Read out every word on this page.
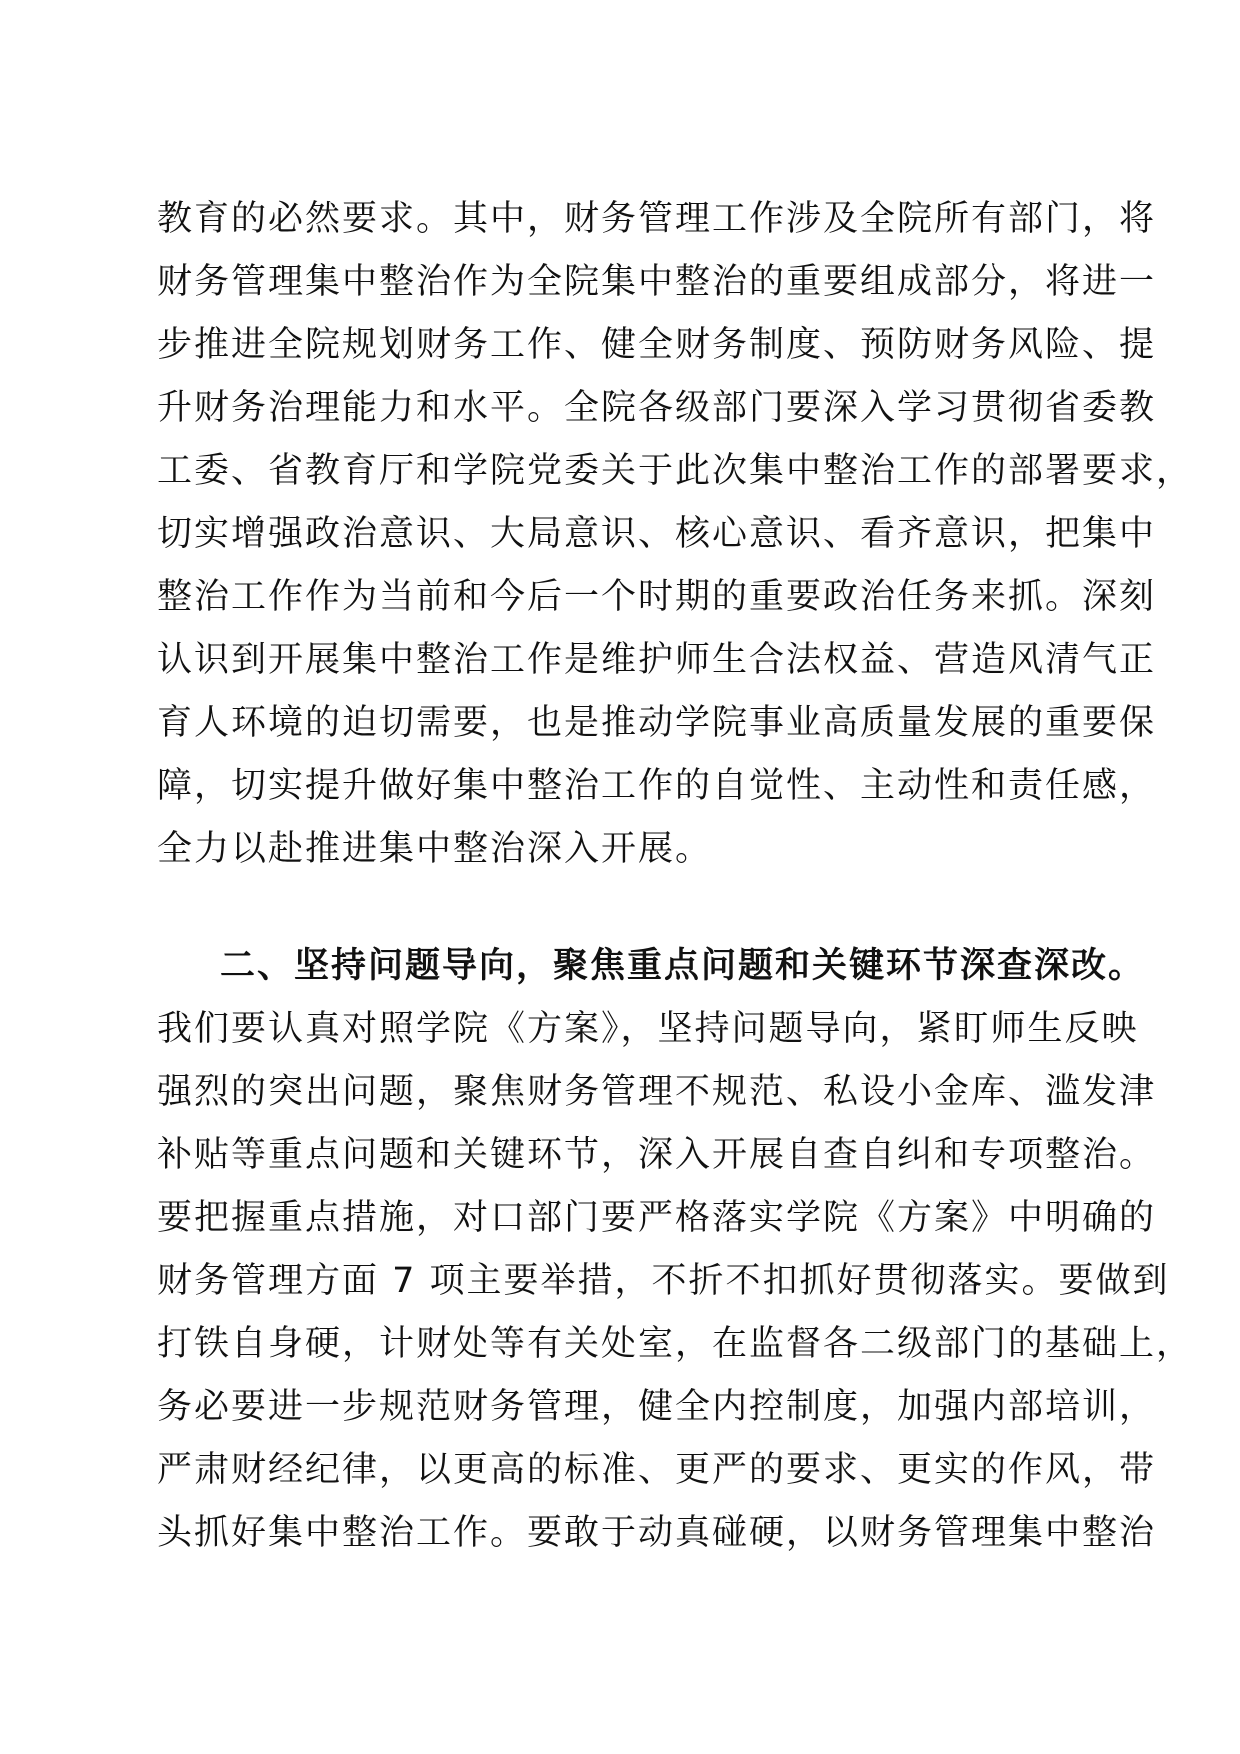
教育的必然要求。其中，财务管理工作涉及全院所有部门，将
财务管理集中整治作为全院集中整治的重要组成部分，将进一
步推进全院规划财务工作、健全财务制度、预防财务风险、提
升财务治理能力和水平。全院各级部门要深入学习贯彻省委教
工委、省教育厅和学院党委关于此次集中整治工作的部署要求，
切实增强政治意识、大局意识、核心意识、看齐意识，把集中
整治工作作为当前和今后一个时期的重要政治任务来抓。深刻
认识到开展集中整治工作是维护师生合法权益、营造风清气正
育人环境的迫切需要，也是推动学院事业高质量发展的重要保
障，切实提升做好集中整治工作的自觉性、主动性和责任感，
全力以赴推进集中整治深入开展。
二、坚持问题导向，聚焦重点问题和关键环节深查深改。
我们要认真对照学院《方案》，坚持问题导向，紧盯师生反映
强烈的突出问题，聚焦财务管理不规范、私设小金库、滥发津
补贴等重点问题和关键环节，深入开展自查自纠和专项整治。
要把握重点措施，对口部门要严格落实学院《方案》中明确的
财务管理方面 7 项主要举措，不折不扣抓好贯彻落实。要做到
打铁自身硬，计财处等有关处室，在监督各二级部门的基础上，
务必要进一步规范财务管理，健全内控制度，加强内部培训，
严肃财经纪律，以更高的标准、更严的要求、更实的作风，带
头抓好集中整治工作。要敢于动真碰硬，以财务管理集中整治
